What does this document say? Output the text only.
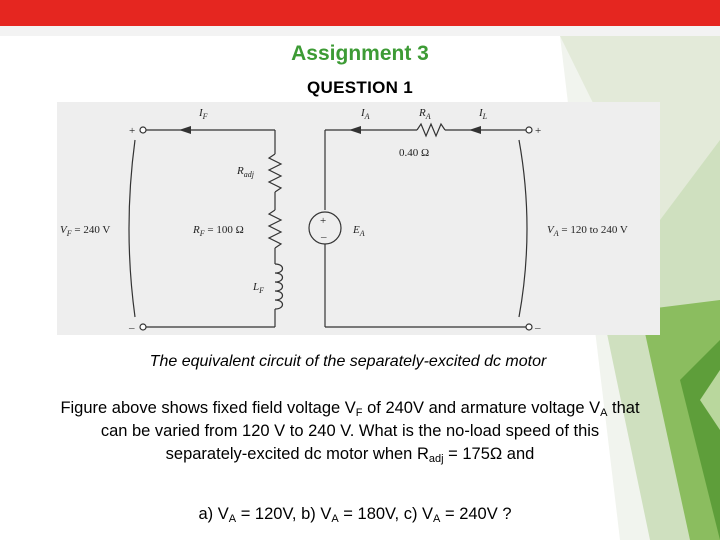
Assignment 3
QUESTION 1
+
–
+
–
+
–
$I_F$	$I_A$	$R_A$	$I_L$
0.40 Ω
$R_{adj}$
$V_F = 240$ V	$R_F = 100$ Ω	$E_A$	$V_A = 120$ to 240 V
$L_F$
The equivalent circuit of the separately-excited dc motor
Figure above shows fixed field voltage $V_F$ of 240V and armature voltage $V_A$ that can be varied from 120 V to 240 V. What is the no-load speed of this separately-excited dc motor when $R_{adj} = 175\Omega$ and
a) $V_A = 120V$, b) $V_A = 180V$, c) $V_A = 240V$ ?
